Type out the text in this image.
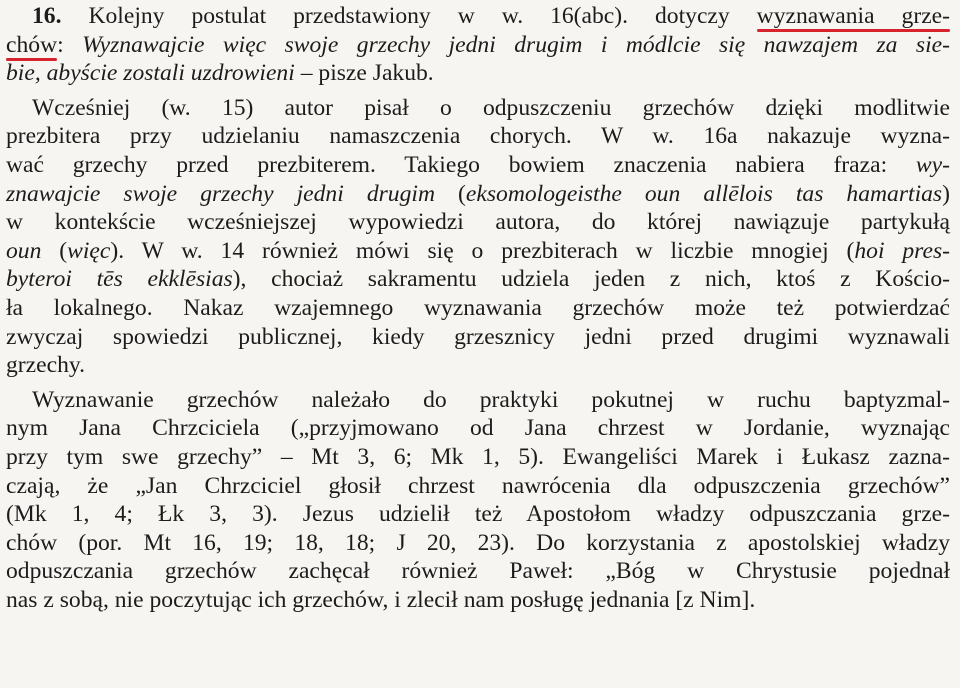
16. Kolejny postulat przedstawiony w w. 16(abc). dotyczy wyznawania grze-
chów
: Wyznawajcie więc swoje grzechy jedni drugim i módlcie się nawzajem za sie-
bie, abyście zostali uzdrowieni – pisze Jakub.
Wcześniej (w. 15) autor pisał o odpuszczeniu grzechów dzięki modlitwie
prezbitera przy udzielaniu namaszczenia chorych. W w. 16a nakazuje wyzna-
wać grzechy przed prezbiterem. Takiego bowiem znaczenia nabiera fraza: wy-
znawajcie swoje grzechy jedni drugim (eksomologeisthe oun allēlois tas hamartias)
w kontekście wcześniejszej wypowiedzi autora, do której nawiązuje partykułą
oun (więc). W w. 14 również mówi się o prezbiterach w liczbie mnogiej (hoi pres-
byteroi tēs ekklēsias), chociaż sakramentu udziela jeden z nich, ktoś z Kościo-
ła lokalnego. Nakaz wzajemnego wyznawania grzechów może też potwierdzać
zwyczaj spowiedzi publicznej, kiedy grzesznicy jedni przed drugimi wyznawali
grzechy.
Wyznawanie grzechów należało do praktyki pokutnej w ruchu baptyzmal-
nym Jana Chrzciciela („przyjmowano od Jana chrzest w Jordanie, wyznając
przy tym swe grzechy” – Mt 3, 6; Mk 1, 5). Ewangeliści Marek i Łukasz zazna-
czają, że „Jan Chrzciciel głosił chrzest nawrócenia dla odpuszczenia grzechów”
(Mk 1, 4; Łk 3, 3). Jezus udzielił też Apostołom władzy odpuszczania grze-
chów (por. Mt 16, 19; 18, 18; J 20, 23). Do korzystania z apostolskiej władzy
odpuszczania grzechów zachęcał również Paweł: „Bóg w Chrystusie pojednał
nas z sobą, nie poczytując ich grzechów, i zlecił nam posługę jednania [z Nim].
